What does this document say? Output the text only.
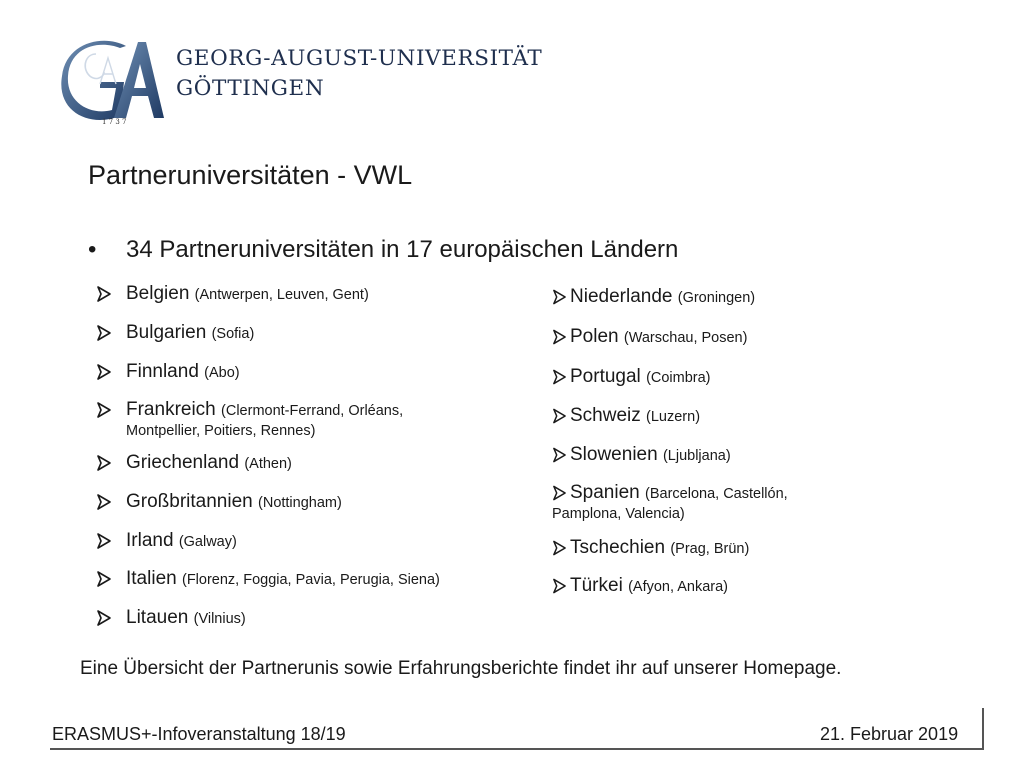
1 7 3 7
GEORG-AUGUST-UNIVERSITÄT
GÖTTINGEN
Partneruniversitäten - VWL
• 34 Partneruniversitäten in 17 europäischen Ländern
Belgien (Antwerpen, Leuven, Gent)
Bulgarien (Sofia)
Finnland (Abo)
Frankreich (Clermont-Ferrand, Orléans,
Montpellier, Poitiers, Rennes)
Griechenland (Athen)
Großbritannien (Nottingham)
Irland (Galway)
Italien (Florenz, Foggia, Pavia, Perugia, Siena)
Litauen (Vilnius)
Niederlande (Groningen)
Polen (Warschau, Posen)
Portugal (Coimbra)
Schweiz (Luzern)
Slowenien (Ljubljana)
Spanien (Barcelona, Castellón,
Pamplona, Valencia)
Tschechien (Prag, Brün)
Türkei (Afyon, Ankara)
Eine Übersicht der Partnerunis sowie Erfahrungsberichte findet ihr auf unserer Homepage.
ERASMUS+-Infoveranstaltung 18/19	21. Februar 2019
